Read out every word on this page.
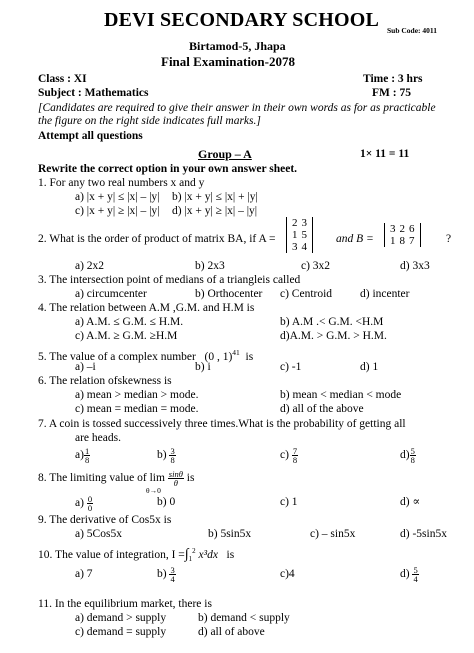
DEVI SECONDARY SCHOOL Sub Code: 4011
Birtamod-5, Jhapa
Final Examination-2078
Class : XI	Time : 3 hrs
Subject : Mathematics	FM : 75
[Candidates are required to give their answer in their own words as for as practicable the figure on the right side indicates full marks.]
Attempt all questions
Group – A	1× 11 = 11
Rewrite the correct option in your own answer sheet.
1. For any two real numbers x and y
a) |x + y| ≤ |x| – |y| b) |x + y| ≤ |x| + |y|
c) |x + y| ≥ |x| – |y| d) |x + y| ≥ |x| – |y|
2. What is the order of product of matrix BA, if A =
2	3
1	5
3	4
and B =
3	2	6
1	8	7	?
a) 2x2	b) 2x3	c) 3x2	d) 3x3
3. The intersection point of medians of a triangleis called
a) circumcenter	b) Orthocenter c) Centroid d) incenter
4. The relation between A.M ,G.M. and H.M is
a) A.M. ≤ G.M. ≤ H.M.	b) A.M .< G.M. <H.M
c) A.M. ≥ G.M. ≥H.M	d)A.M. > G.M. > H.M.
5. The value of a complex number (0 , 1)$^{41}$ is
a) –i	b) i	c) -1	d) 1
6. The relation ofskewness is
a) mean > median > mode.	b) mean < median < mode
c) mean = median = mode.	d) all of the above
7. A coin is tossed successively three times.What is the probability of getting all
are heads.
$a) \frac{1}{8}$	$b) \frac{3}{8}$	$c) \frac{7}{8}$	$d) \frac{5}{8}$
8. The limiting value of $\lim \frac{\sin\theta}{\theta}$ is
θ→0
$a) \frac{0}{0}$	b) 0	c) 1	d) ∝
9. The derivative of Cos5x is
a) 5Cos5x	b) 5sin5x	c) – sin5x	d) -5sin5x
10. The value of integration, $I =\int_1^2$ x³dx is
a) 7	$b) \frac{3}{4}$	c)4	$d) \frac{5}{4}$
11. In the equilibrium market, there is
a) demand > supply	b) demand < supply
c) demand = supply	d) all of above
